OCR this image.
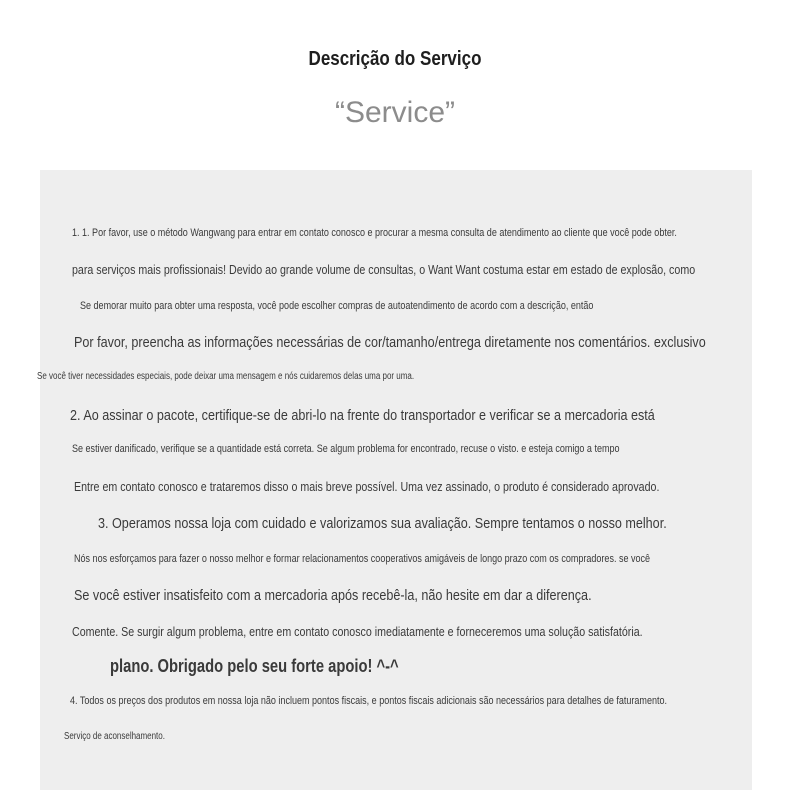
Descrição do Serviço
“Service”
1. 1. Por favor, use o método Wangwang para entrar em contato conosco e procurar a mesma consulta de atendimento ao cliente que você pode obter.
para serviços mais profissionais! Devido ao grande volume de consultas, o Want Want costuma estar em estado de explosão, como
Se demorar muito para obter uma resposta, você pode escolher compras de autoatendimento de acordo com a descrição, então
Por favor, preencha as informações necessárias de cor/tamanho/entrega diretamente nos comentários. exclusivo
Se você tiver necessidades especiais, pode deixar uma mensagem e nós cuidaremos delas uma por uma.
2. Ao assinar o pacote, certifique-se de abri-lo na frente do transportador e verificar se a mercadoria está
Se estiver danificado, verifique se a quantidade está correta. Se algum problema for encontrado, recuse o visto. e esteja comigo a tempo
Entre em contato conosco e trataremos disso o mais breve possível. Uma vez assinado, o produto é considerado aprovado.
3. Operamos nossa loja com cuidado e valorizamos sua avaliação. Sempre tentamos o nosso melhor.
Nós nos esforçamos para fazer o nosso melhor e formar relacionamentos cooperativos amigáveis de longo prazo com os compradores. se você
Se você estiver insatisfeito com a mercadoria após recebê-la, não hesite em dar a diferença.
Comente. Se surgir algum problema, entre em contato conosco imediatamente e forneceremos uma solução satisfatória.
plano. Obrigado pelo seu forte apoio! ^-^
4. Todos os preços dos produtos em nossa loja não incluem pontos fiscais, e pontos fiscais adicionais são necessários para detalhes de faturamento.
Serviço de aconselhamento.
